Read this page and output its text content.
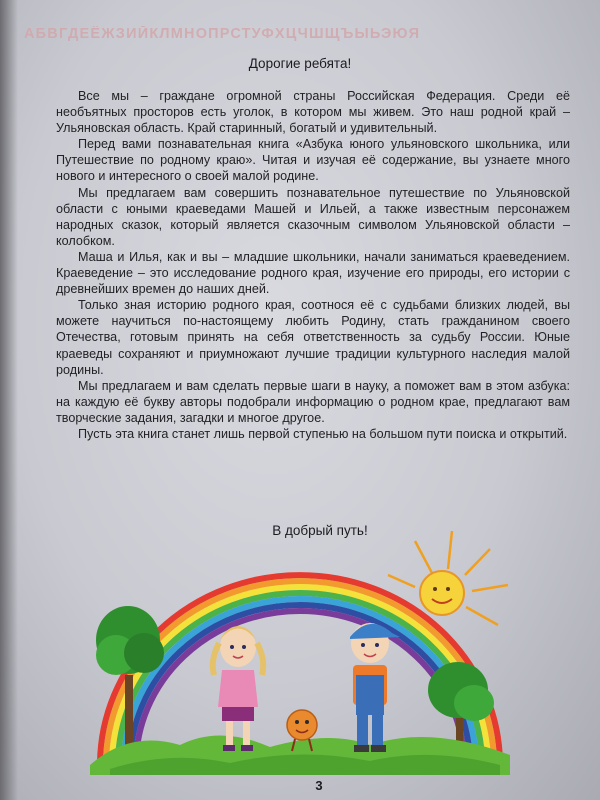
АБВГДЕЁЖЗИЙКЛМНОПРСТУФХЦЧШЩЪЫЬЭЮЯ
Дорогие ребята!

Все мы – граждане огромной страны Российская Федерация. Среди её необъятных просторов есть уголок, в котором мы живем. Это наш родной край – Ульяновская область. Край старинный, богатый и удивительный.

Перед вами познавательная книга «Азбука юного ульяновского школьника, или Путешествие по родному краю». Читая и изучая её содержание, вы узнаете много нового и интересного о своей малой родине.

Мы предлагаем вам совершить познавательное путешествие по Ульяновской области с юными краеведами Машей и Ильей, а также известным персонажем народных сказок, который является сказочным символом Ульяновской области – колобком.

Маша и Илья, как и вы – младшие школьники, начали заниматься краеведением. Краеведение – это исследование родного края, изучение его природы, его истории с древнейших времен до наших дней.

Только зная историю родного края, соотнося её с судьбами близких людей, вы можете научиться по-настоящему любить Родину, стать гражданином своего Отечества, готовым принять на себя ответственность за судьбу России. Юные краеведы сохраняют и приумножают лучшие традиции культурного наследия малой родины.

Мы предлагаем и вам сделать первые шаги в науку, а поможет вам в этом азбука: на каждую её букву авторы подобрали информацию о родном крае, предлагают вам творческие задания, загадки и многое другое.

Пусть эта книга станет лишь первой ступенью на большом пути поиска и открытий.

В добрый путь!
3
